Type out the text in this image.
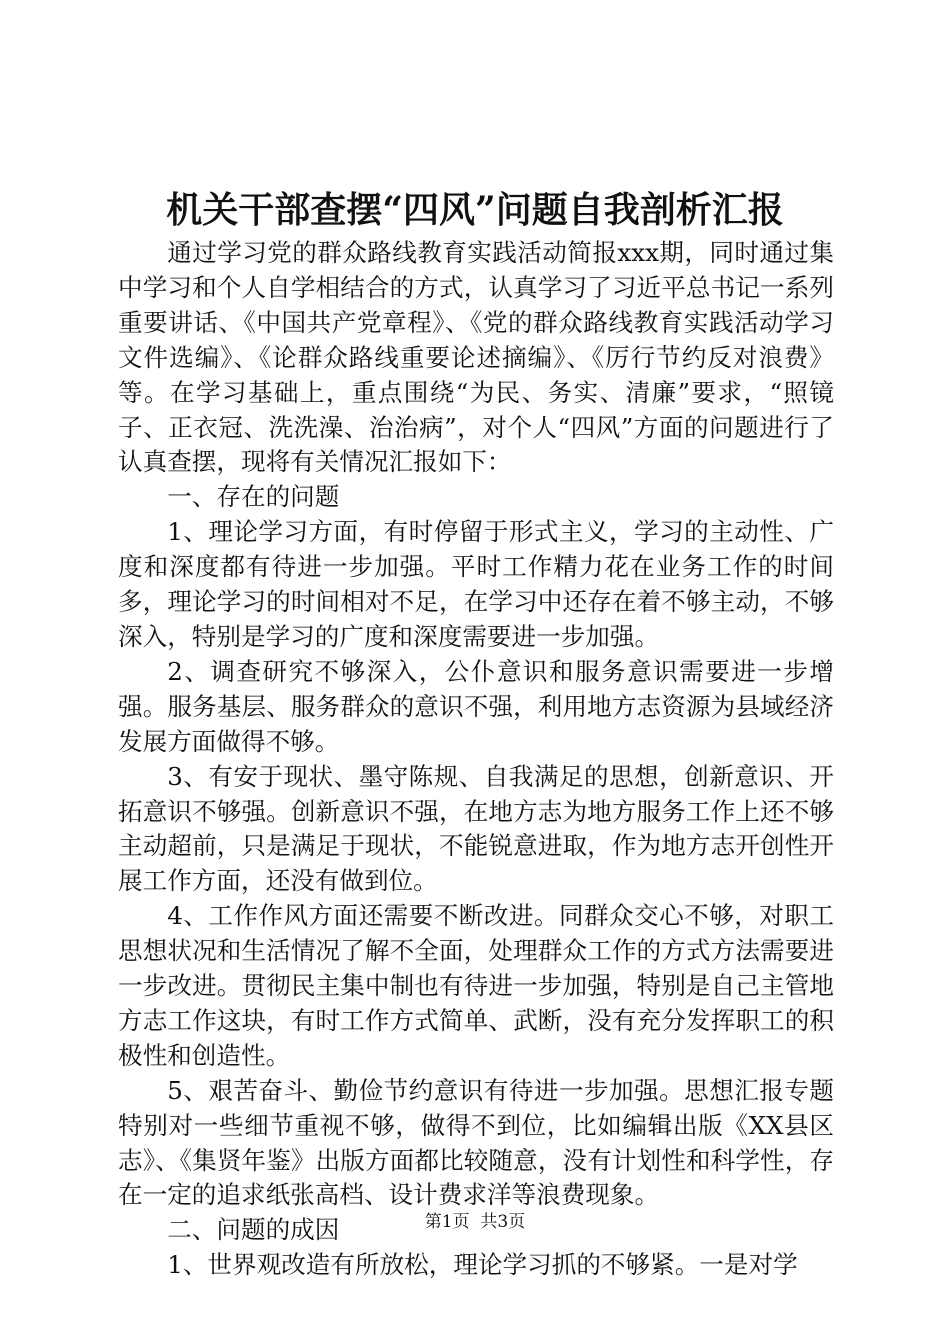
机关干部查摆“四风”问题自我剖析汇报

通过学习党的群众路线教育实践活动简报xxx期，同时通过集中学习和个人自学相结合的方式，认真学习了习近平总书记一系列重要讲话、《中国共产党章程》、《党的群众路线教育实践活动学习文件选编》、《论群众路线重要论述摘编》、《厉行节约反对浪费》等。在学习基础上，重点围绕“为民、务实、清廉”要求，“照镜子、正衣冠、洗洗澡、治治病”，对个人“四风”方面的问题进行了认真查摆，现将有关情况汇报如下：

一、存在的问题

1、理论学习方面，有时停留于形式主义，学习的主动性、广度和深度都有待进一步加强。平时工作精力花在业务工作的时间多，理论学习的时间相对不足，在学习中还存在着不够主动，不够深入，特别是学习的广度和深度需要进一步加强。

2、调查研究不够深入，公仆意识和服务意识需要进一步增强。服务基层、服务群众的意识不强，利用地方志资源为县域经济发展方面做得不够。

3、有安于现状、墨守陈规、自我满足的思想，创新意识、开拓意识不够强。创新意识不强，在地方志为地方服务工作上还不够主动超前，只是满足于现状，不能锐意进取，作为地方志开创性开展工作方面，还没有做到位。

4、工作作风方面还需要不断改进。同群众交心不够，对职工思想状况和生活情况了解不全面，处理群众工作的方式方法需要进一步改进。贯彻民主集中制也有待进一步加强，特别是自己主管地方志工作这块，有时工作方式简单、武断，没有充分发挥职工的积极性和创造性。

5、艰苦奋斗、勤俭节约意识有待进一步加强。思想汇报专题特别对一些细节重视不够，做得不到位，比如编辑出版《XX县区志》、《集贤年鉴》出版方面都比较随意，没有计划性和科学性，存在一定的追求纸张高档、设计费求洋等浪费现象。

二、问题的成因

1、世界观改造有所放松，理论学习抓的不够紧。一是对学

第1页 共3页
